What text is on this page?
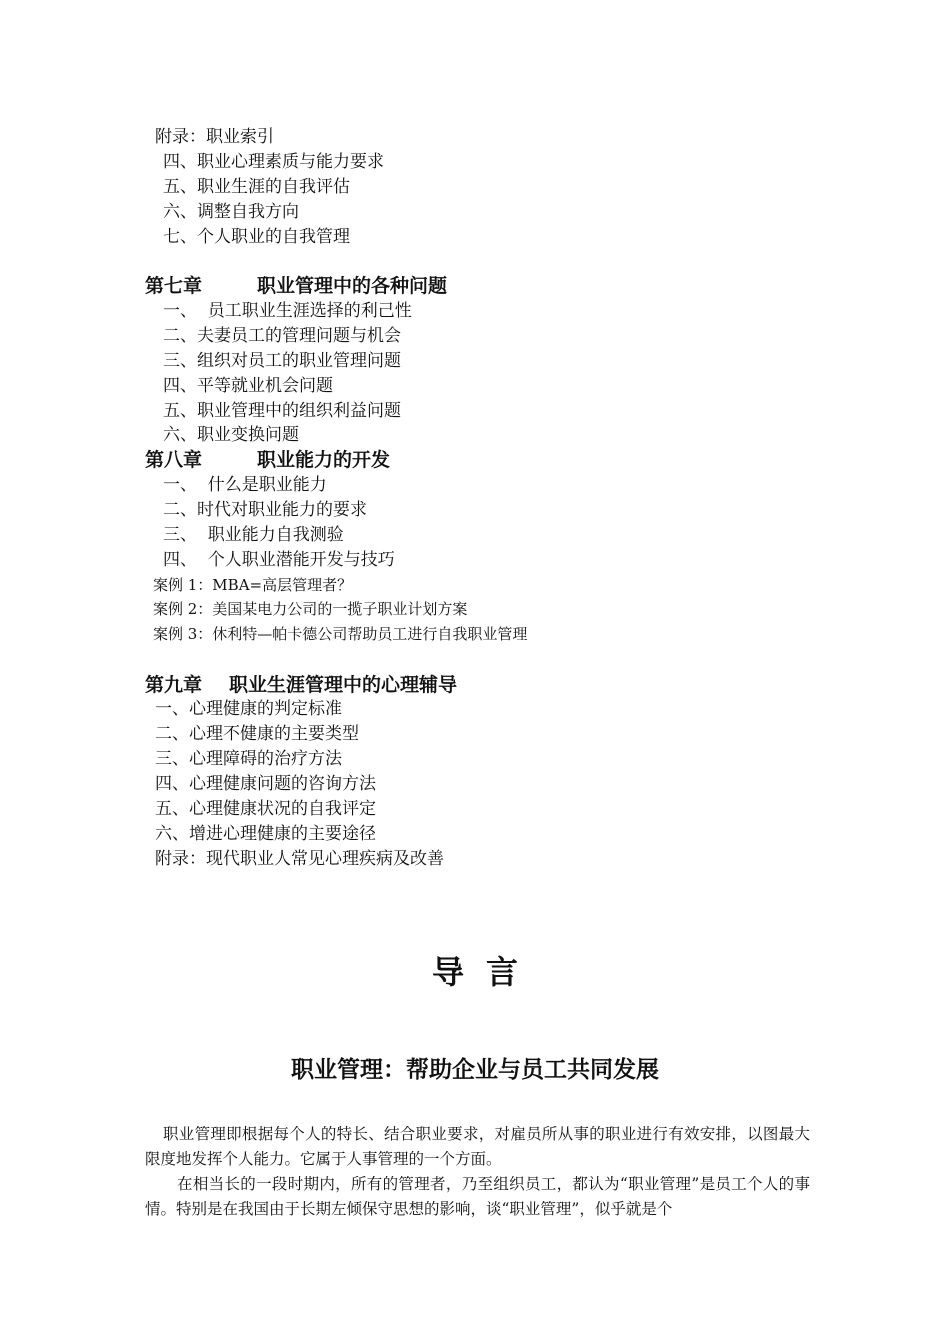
附录：职业索引
四、职业心理素质与能力要求
五、职业生涯的自我评估
六、调整自我方向
七、个人职业的自我管理
第七章	职业管理中的各种问题
一、  员工职业生涯选择的利己性
二、夫妻员工的管理问题与机会
三、组织对员工的职业管理问题
四、平等就业机会问题
五、职业管理中的组织利益问题
六、职业变换问题
第八章	职业能力的开发
一、  什么是职业能力
二、时代对职业能力的要求
三、  职业能力自我测验
四、  个人职业潜能开发与技巧
案例 1：MBA=高层管理者？
案例 2：美国某电力公司的一揽子职业计划方案
案例 3：休利特—帕卡德公司帮助员工进行自我职业管理
第九章 职业生涯管理中的心理辅导
一、心理健康的判定标准
二、心理不健康的主要类型
三、心理障碍的治疗方法
四、心理健康问题的咨询方法
五、心理健康状况的自我评定
六、增进心理健康的主要途径
附录：现代职业人常见心理疾病及改善
导言
职业管理：帮助企业与员工共同发展
职业管理即根据每个人的特长、结合职业要求，对雇员所从事的职业进行有效安排，以图最大限度地发挥个人能力。它属于人事管理的一个方面。
在相当长的一段时期内，所有的管理者，乃至组织员工，都认为“职业管理”是员工个人的事情。特别是在我国由于长期左倾保守思想的影响，谈“职业管理”，似乎就是个
